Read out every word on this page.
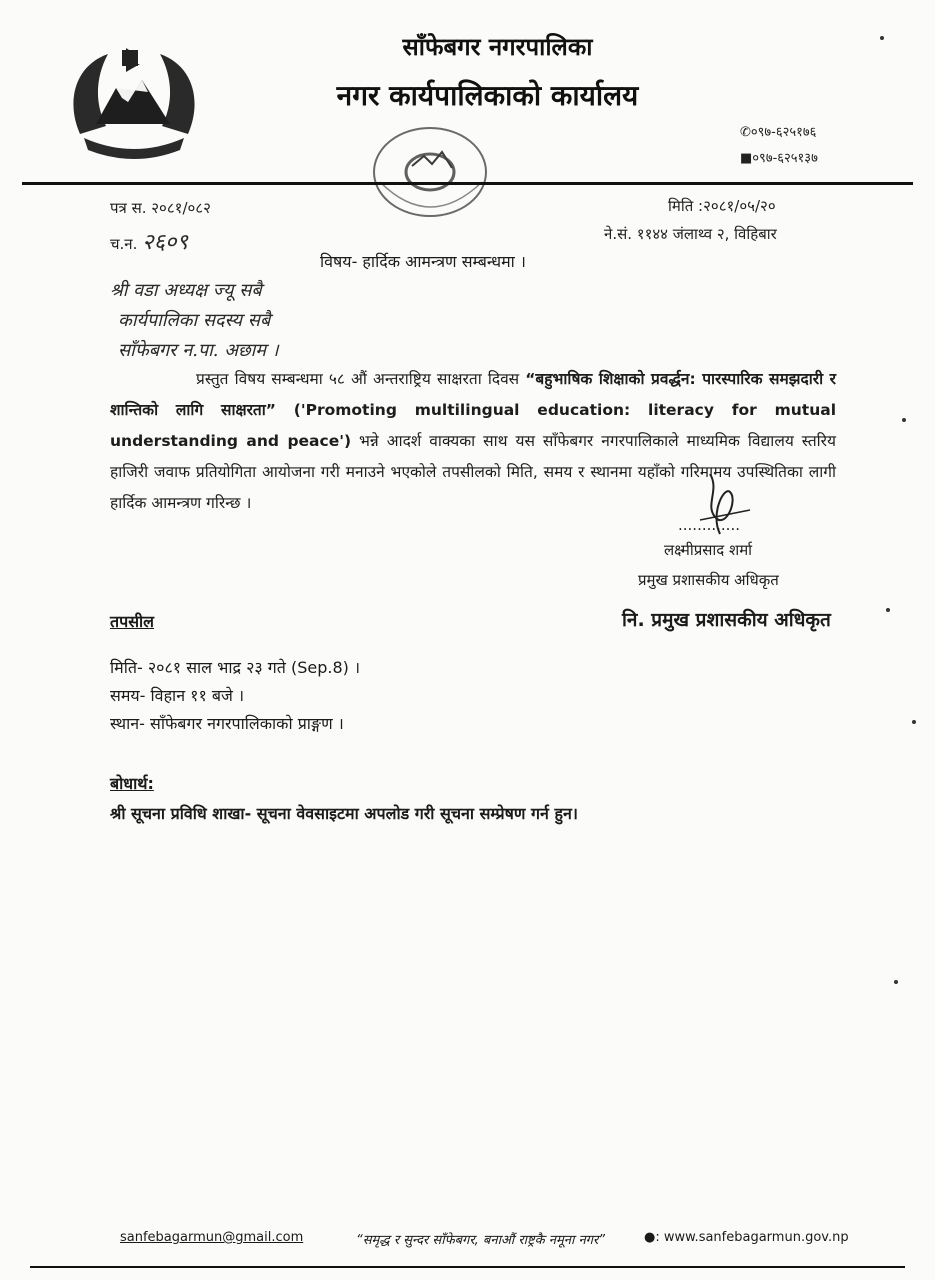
साँफेबगर नगरपालिका
नगर कार्यपालिकाको कार्यालय
✆०९७-६२५१७६
■०९७-६२५१३७
पत्र स. २०८१/०८२
च.न. २६०९
मिति :२०८१/०५/२०
ने.सं. ११४४ जंलाथ्व २, विहिबार
विषय- हार्दिक आमन्त्रण सम्बन्धमा ।
श्री वडा अध्यक्ष ज्यू सबै
कार्यपालिका सदस्य सबै
साँफेबगर न.पा. अछाम ।
प्रस्तुत विषय सम्बन्धमा ५८ औं अन्तराष्ट्रिय साक्षरता दिवस “बहुभाषिक शिक्षाको प्रवर्द्धन: पारस्पारिक समझदारी र शान्तिको लागि साक्षरता” ('Promoting multilingual education: literacy for mutual understanding and peace') भन्ने आदर्श वाक्यका साथ यस साँफेबगर नगरपालिकाले माध्यमिक विद्यालय स्तरिय हाजिरी जवाफ प्रतियोगिता आयोजना गरी मनाउने भएकोले तपसीलको मिति, समय र स्थानमा यहाँको गरिमामय उपस्थितिका लागी हार्दिक आमन्त्रण गरिन्छ ।
.............
लक्ष्मीप्रसाद शर्मा
प्रमुख प्रशासकीय अधिकृत
नि. प्रमुख प्रशासकीय अधिकृत
तपसील
मिति- २०८१ साल भाद्र २३ गते (Sep.8) ।
समय- विहान ११ बजे ।
स्थान- साँफेबगर नगरपालिकाको प्राङ्गण ।
बोधार्थ:
श्री सूचना प्रविधि शाखा- सूचना वेवसाइटमा अपलोड गरी सूचना सम्प्रेषण गर्न हुन।
sanfebagarmun@gmail.com	“समृद्ध र सुन्दर साँफेबगर, बनाऔं राष्ट्रकै नमूना नगर”	●: www.sanfebagarmun.gov.np
